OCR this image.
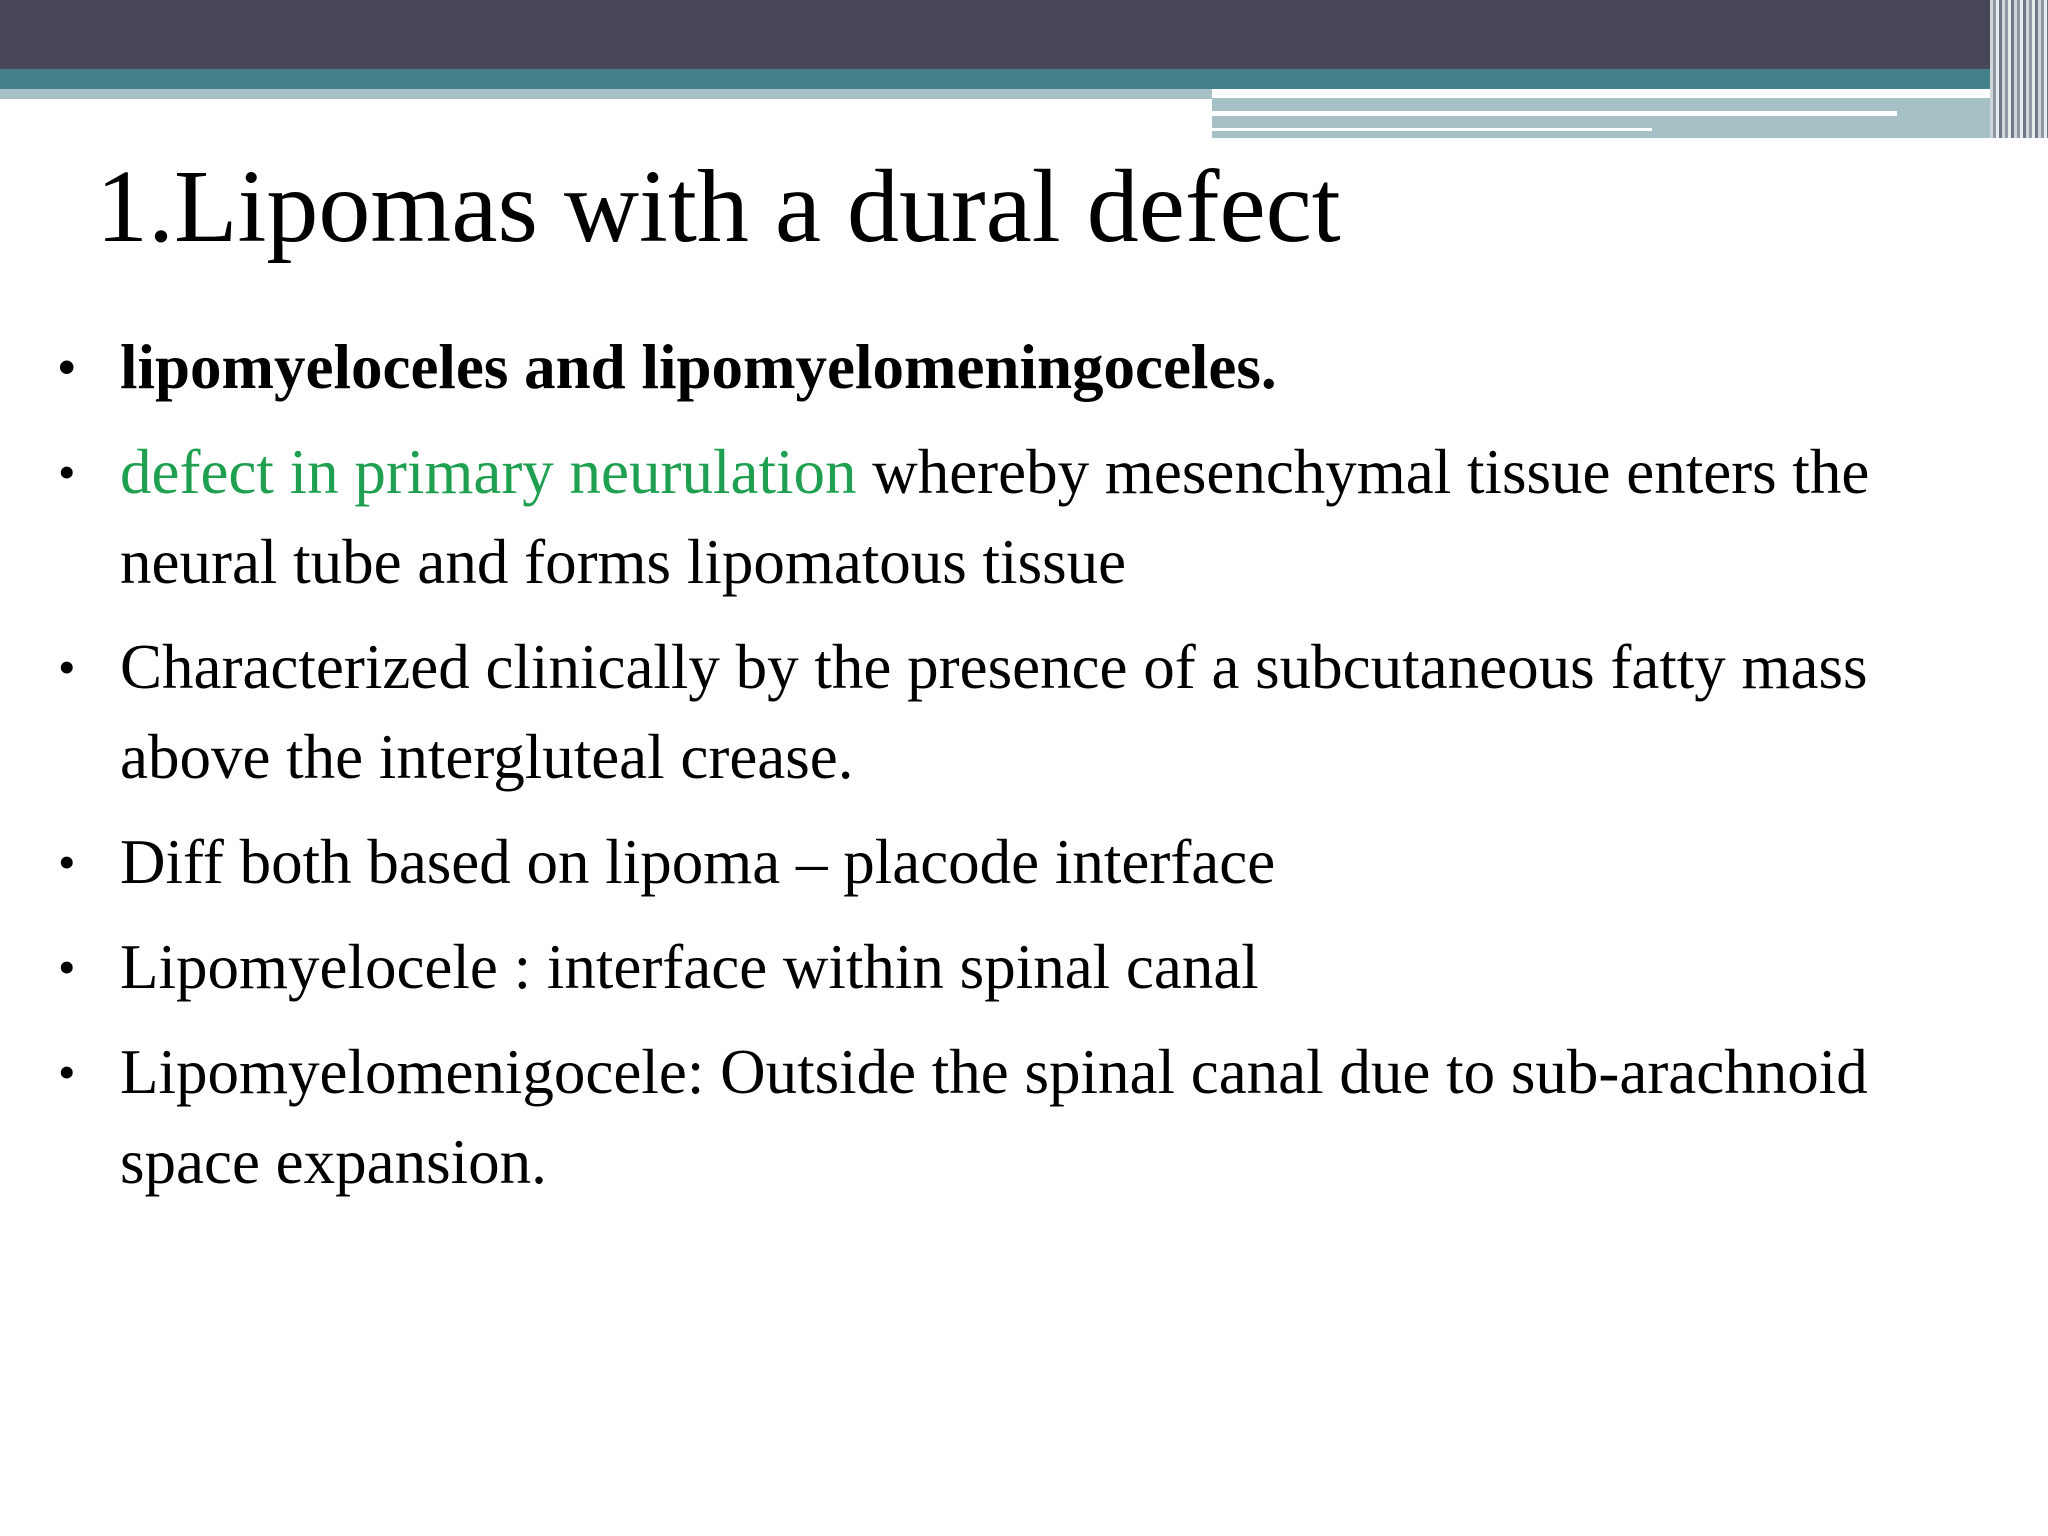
1.Lipomas with a dural defect
• lipomyeloceles and lipomyelomeningoceles.
• defect in primary neurulation whereby mesenchymal tissue enters the neural tube and forms lipomatous tissue
• Characterized clinically by the presence of a subcutaneous fatty mass above the intergluteal crease.
• Diff both based on lipoma – placode interface
• Lipomyelocele : interface within spinal canal
• Lipomyelomenigocele: Outside the spinal canal due to sub-arachnoid space expansion.
